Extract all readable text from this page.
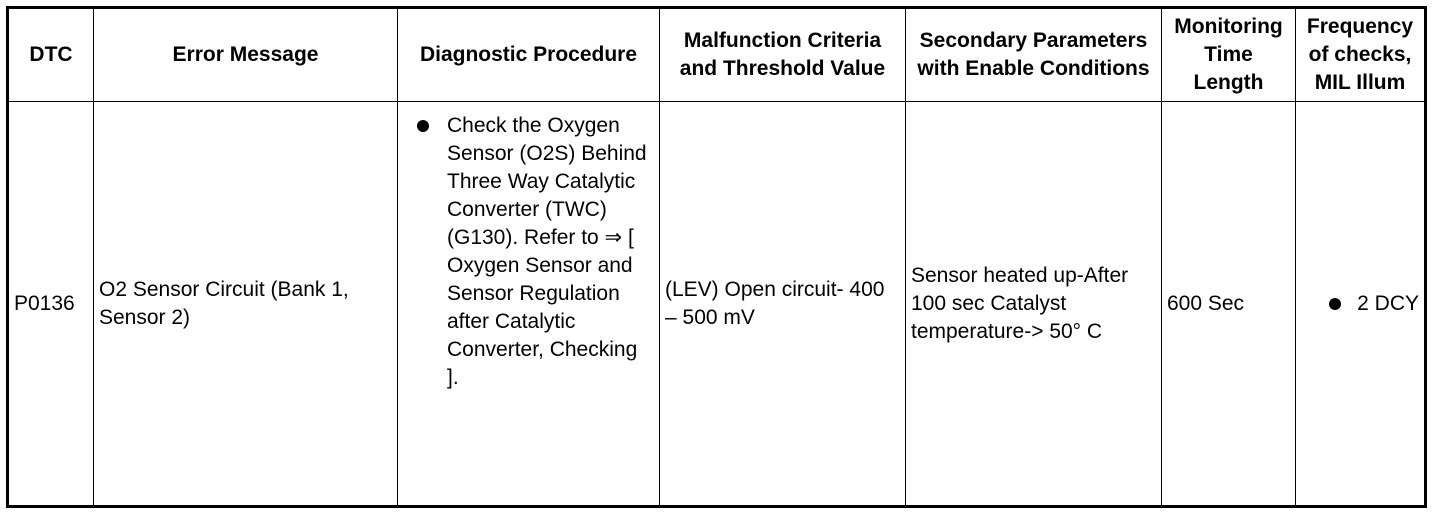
DTC	Error Message	Diagnostic Procedure	Malfunction Criteria and Threshold Value	Secondary Parameters with Enable Conditions	Monitoring Time Length	Frequency of checks, MIL Illum
P0136	O2 Sensor Circuit (Bank 1, Sensor 2)	Check the Oxygen Sensor (O2S) Behind Three Way Catalytic Converter (TWC) (G130). Refer to ⇒ [ Oxygen Sensor and Sensor Regulation after Catalytic Converter, Checking ].	(LEV) Open circuit- 400 – 500 mV	Sensor heated up-After 100 sec Catalyst temperature-> 50° C	600 Sec	2 DCY
